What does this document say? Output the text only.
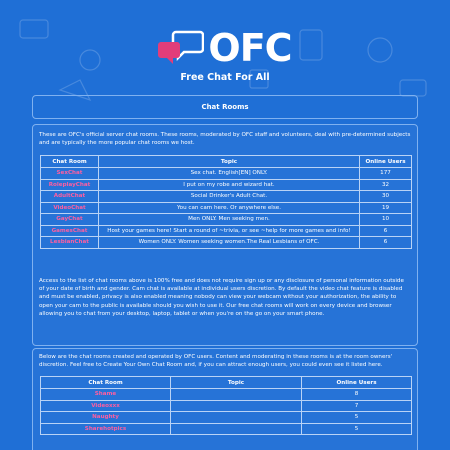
OFC
Free Chat For All
Chat Rooms

These are OFC's official server chat rooms. These rooms, moderated by OFC staff and volunteers, deal with pre-determined subjects and are typically the more popular chat rooms we host.

Chat Room	Topic	Online Users
SexChat	Sex chat. English[EN] ONLY.	177
RoleplayChat	I put on my robe and wizard hat.	32
AdultChat	Social Drinker's Adult Chat.	30
VideoChat	You can cam here. Or anywhere else.	19
GayChat	Men ONLY. Men seeking men.	10
GamesChat	Host your games here! Start a round of ~trivia, or see ~help for more games and info!	6
LesbianChat	Women ONLY. Women seeking women.The Real Lesbians of OFC.	6

Access to the list of chat rooms above is 100% free and does not require sign up or any disclosure of personal information outside of your date of birth and gender. Cam chat is available at individual users discretion. By default the video chat feature is disabled and must be enabled, privacy is also enabled meaning nobody can view your webcam without your authorization, the ability to open your cam to the public is available should you wish to use it. Our free chat rooms will work on every device and browser allowing you to chat from your desktop, laptop, tablet or when you're on the go on your smart phone.

Below are the chat rooms created and operated by OFC users. Content and moderating in these rooms is at the room owners' discretion. Feel free to Create Your Own Chat Room and, if you can attract enough users, you could even see it listed here.

Chat Room	Topic	Online Users
Shame		8
Videoxxx		7
Naughty		5
Sharehotpics		5
